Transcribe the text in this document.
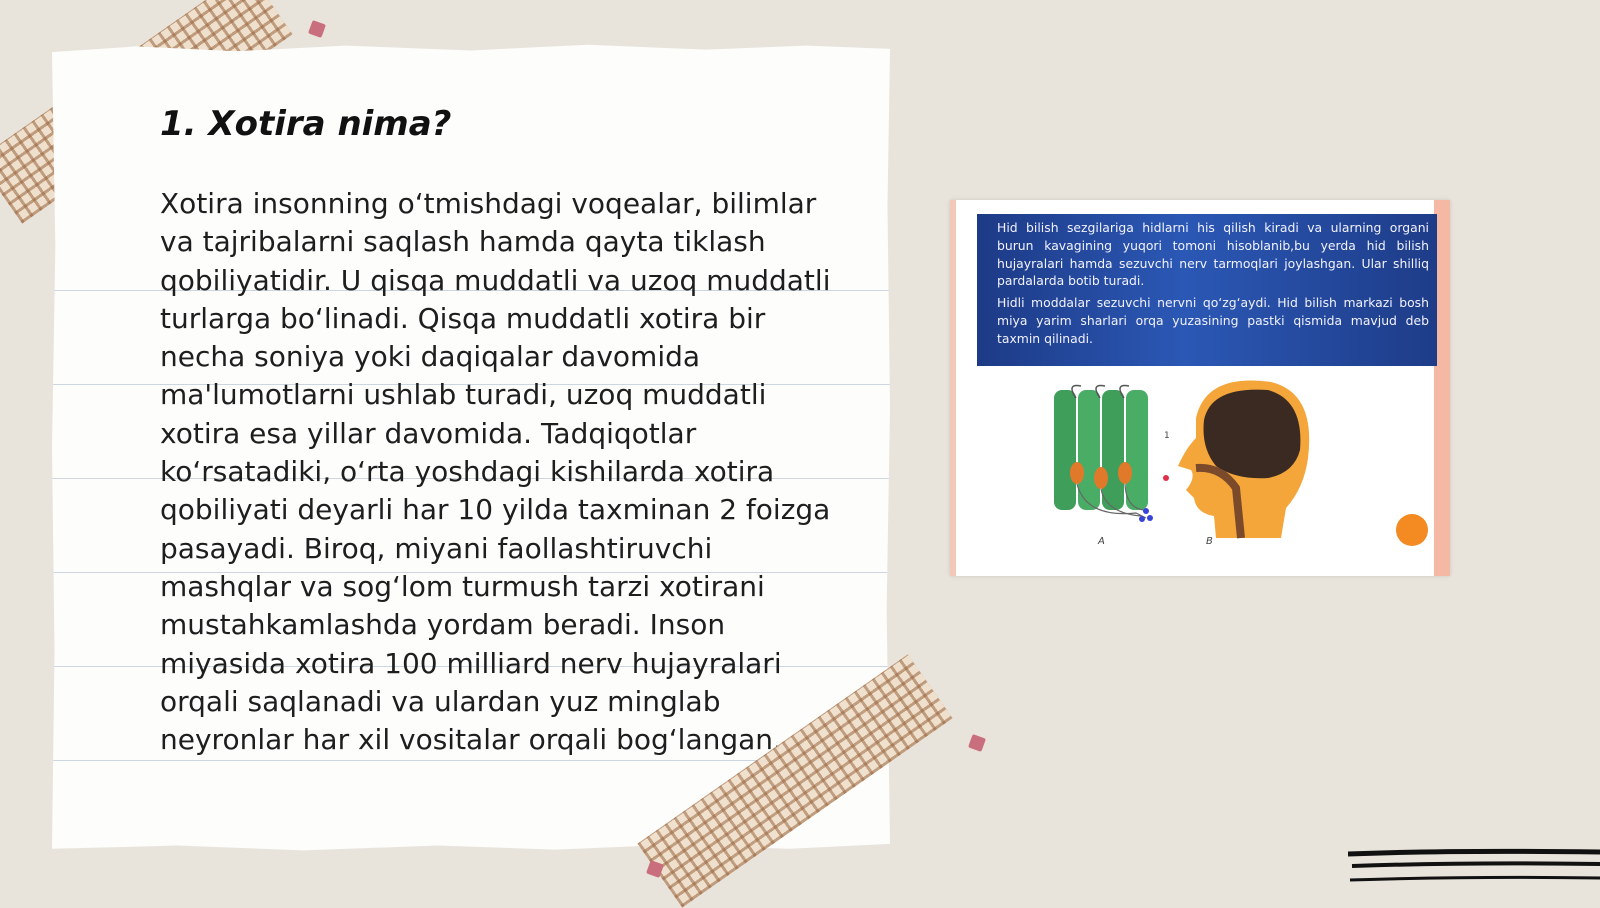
1. Xotira nima?

Xotira insonning o‘tmishdagi voqealar, bilimlar va tajribalarni saqlash hamda qayta tiklash qobiliyatidir. U qisqa muddatli va uzoq muddatli turlarga bo‘linadi. Qisqa muddatli xotira bir necha soniya yoki daqiqalar davomida ma'lumotlarni ushlab turadi, uzoq muddatli xotira esa yillar davomida. Tadqiqotlar ko‘rsatadiki, o‘rta yoshdagi kishilarda xotira qobiliyati deyarli har 10 yilda taxminan 2 foizga pasayadi. Biroq, miyani faollashtiruvchi mashqlar va sog‘lom turmush tarzi xotirani mustahkamlashda yordam beradi. Inson miyasida xotira 100 milliard nerv hujayralari orqali saqlanadi va ulardan yuz minglab neyronlar har xil vositalar orqali bog‘langan.

Hid bilish sezgilariga hidlarni his qilish kiradi va ularning organi burun kavagining yuqori tomoni hisoblanib,bu yerda hid bilish hujayralari hamda sezuvchi nerv tarmoqlari joylashgan. Ular shilliq pardalarda botib turadi.

Hidli moddalar sezuvchi nervni qo‘zg‘aydi. Hid bilish markazi bosh miya yarim sharlari orqa yuzasining pastki qismida mavjud deb taxmin qilinadi.

A
1
B
